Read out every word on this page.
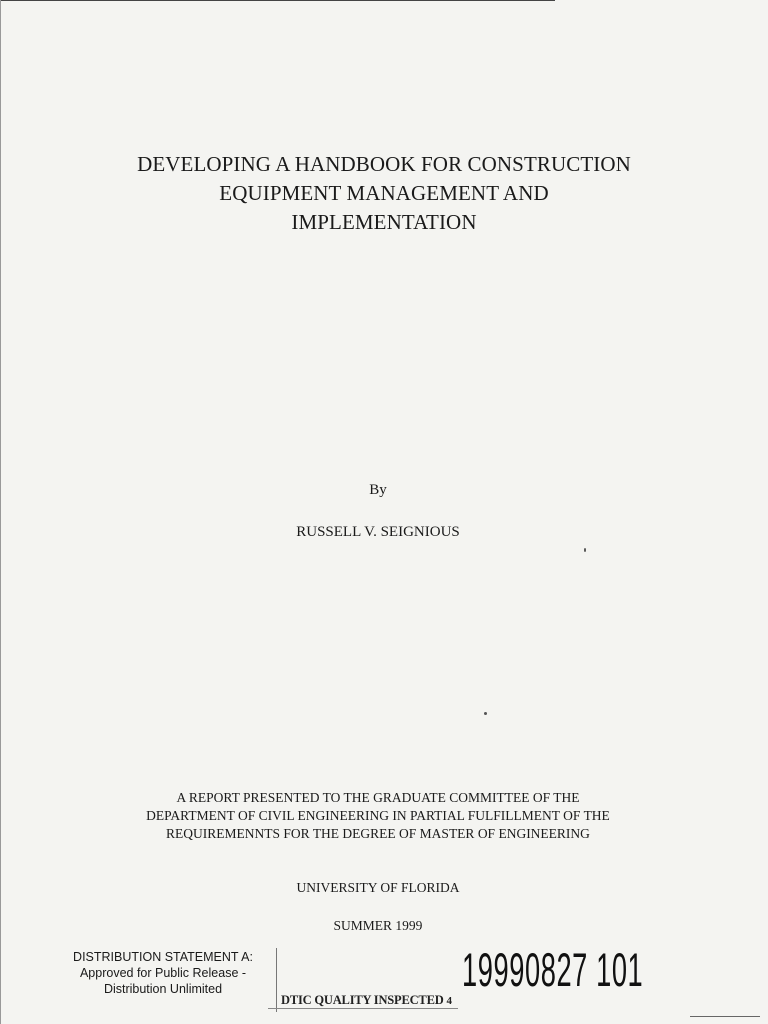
DEVELOPING A HANDBOOK FOR CONSTRUCTION
EQUIPMENT MANAGEMENT AND
IMPLEMENTATION
By
RUSSELL V. SEIGNIOUS
A REPORT PRESENTED TO THE GRADUATE COMMITTEE OF THE
DEPARTMENT OF CIVIL ENGINEERING IN PARTIAL FULFILLMENT OF THE
REQUIREMENNTS FOR THE DEGREE OF MASTER OF ENGINEERING
UNIVERSITY OF FLORIDA
SUMMER 1999
DISTRIBUTION STATEMENT A:
Approved for Public Release -
Distribution Unlimited	19990827 101
DTIC QUALITY INSPECTED 4
